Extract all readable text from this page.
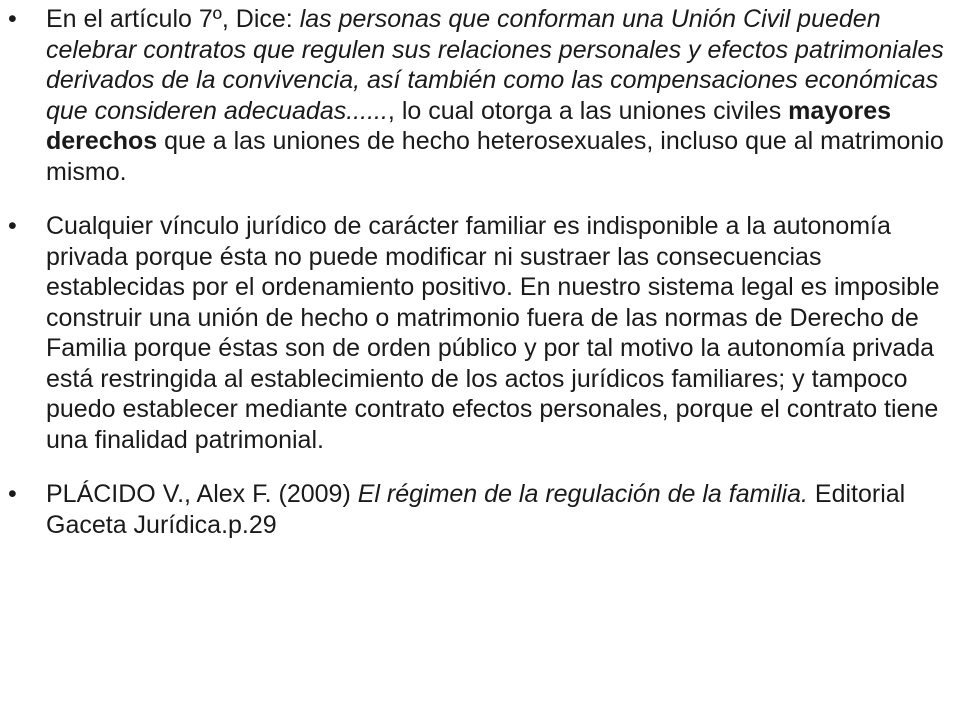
• En el artículo 7º, Dice: las personas que conforman una Unión Civil pueden celebrar contratos que regulen sus relaciones personales y efectos patrimoniales derivados de la convivencia, así también como las compensaciones económicas que consideren adecuadas......, lo cual otorga a las uniones civiles mayores derechos que a las uniones de hecho heterosexuales, incluso que al matrimonio mismo.
• Cualquier vínculo jurídico de carácter familiar es indisponible a la autonomía privada porque ésta no puede modificar ni sustraer las consecuencias establecidas por el ordenamiento positivo. En nuestro sistema legal es imposible construir una unión de hecho o matrimonio fuera de las normas de Derecho de Familia porque éstas son de orden público y por tal motivo la autonomía privada está restringida al establecimiento de los actos jurídicos familiares; y tampoco puedo establecer mediante contrato efectos personales, porque el contrato tiene una finalidad patrimonial.
• PLÁCIDO V., Alex F. (2009) El régimen de la regulación de la familia. Editorial Gaceta Jurídica.p.29
